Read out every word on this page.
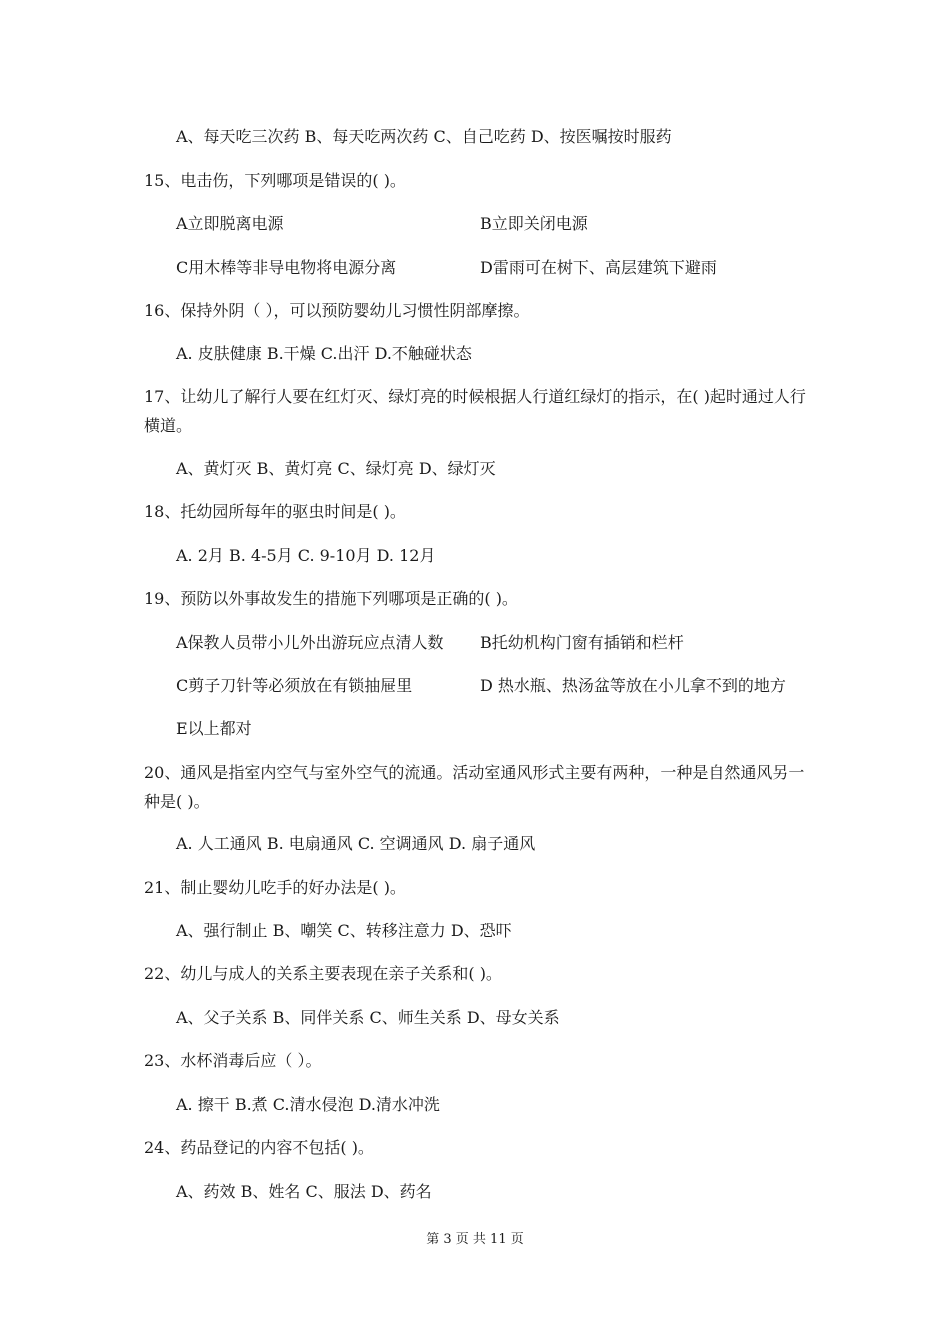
A、每天吃三次药 B、每天吃两次药 C、自己吃药 D、按医嘱按时服药
15、电击伤，下列哪项是错误的( )。
A立即脱离电源	B立即关闭电源
C用木棒等非导电物将电源分离	D雷雨可在树下、高层建筑下避雨
16、保持外阴（ ），可以预防婴幼儿习惯性阴部摩擦。
A. 皮肤健康 B.干燥 C.出汗 D.不触碰状态
17、让幼儿了解行人要在红灯灭、绿灯亮的时候根据人行道红绿灯的指示，在( )起时通过人行横道。
A、黄灯灭 B、黄灯亮 C、绿灯亮 D、绿灯灭
18、托幼园所每年的驱虫时间是( )。
A. 2月 B. 4-5月 C. 9-10月 D. 12月
19、预防以外事故发生的措施下列哪项是正确的( )。
A保教人员带小儿外出游玩应点清人数 B托幼机构门窗有插销和栏杆
C剪子刀针等必须放在有锁抽屉里	D 热水瓶、热汤盆等放在小儿拿不到的地方
E以上都对
20、通风是指室内空气与室外空气的流通。活动室通风形式主要有两种，一种是自然通风另一种是( )。
A. 人工通风 B. 电扇通风 C. 空调通风 D. 扇子通风
21、制止婴幼儿吃手的好办法是( )。
A、强行制止 B、嘲笑 C、转移注意力 D、恐吓
22、幼儿与成人的关系主要表现在亲子关系和( )。
A、父子关系 B、同伴关系 C、师生关系 D、母女关系
23、水杯消毒后应（ ）。
A. 擦干 B.煮 C.清水侵泡 D.清水冲洗
24、药品登记的内容不包括( )。
A、药效 B、姓名 C、服法 D、药名
第 3 页 共 11 页
